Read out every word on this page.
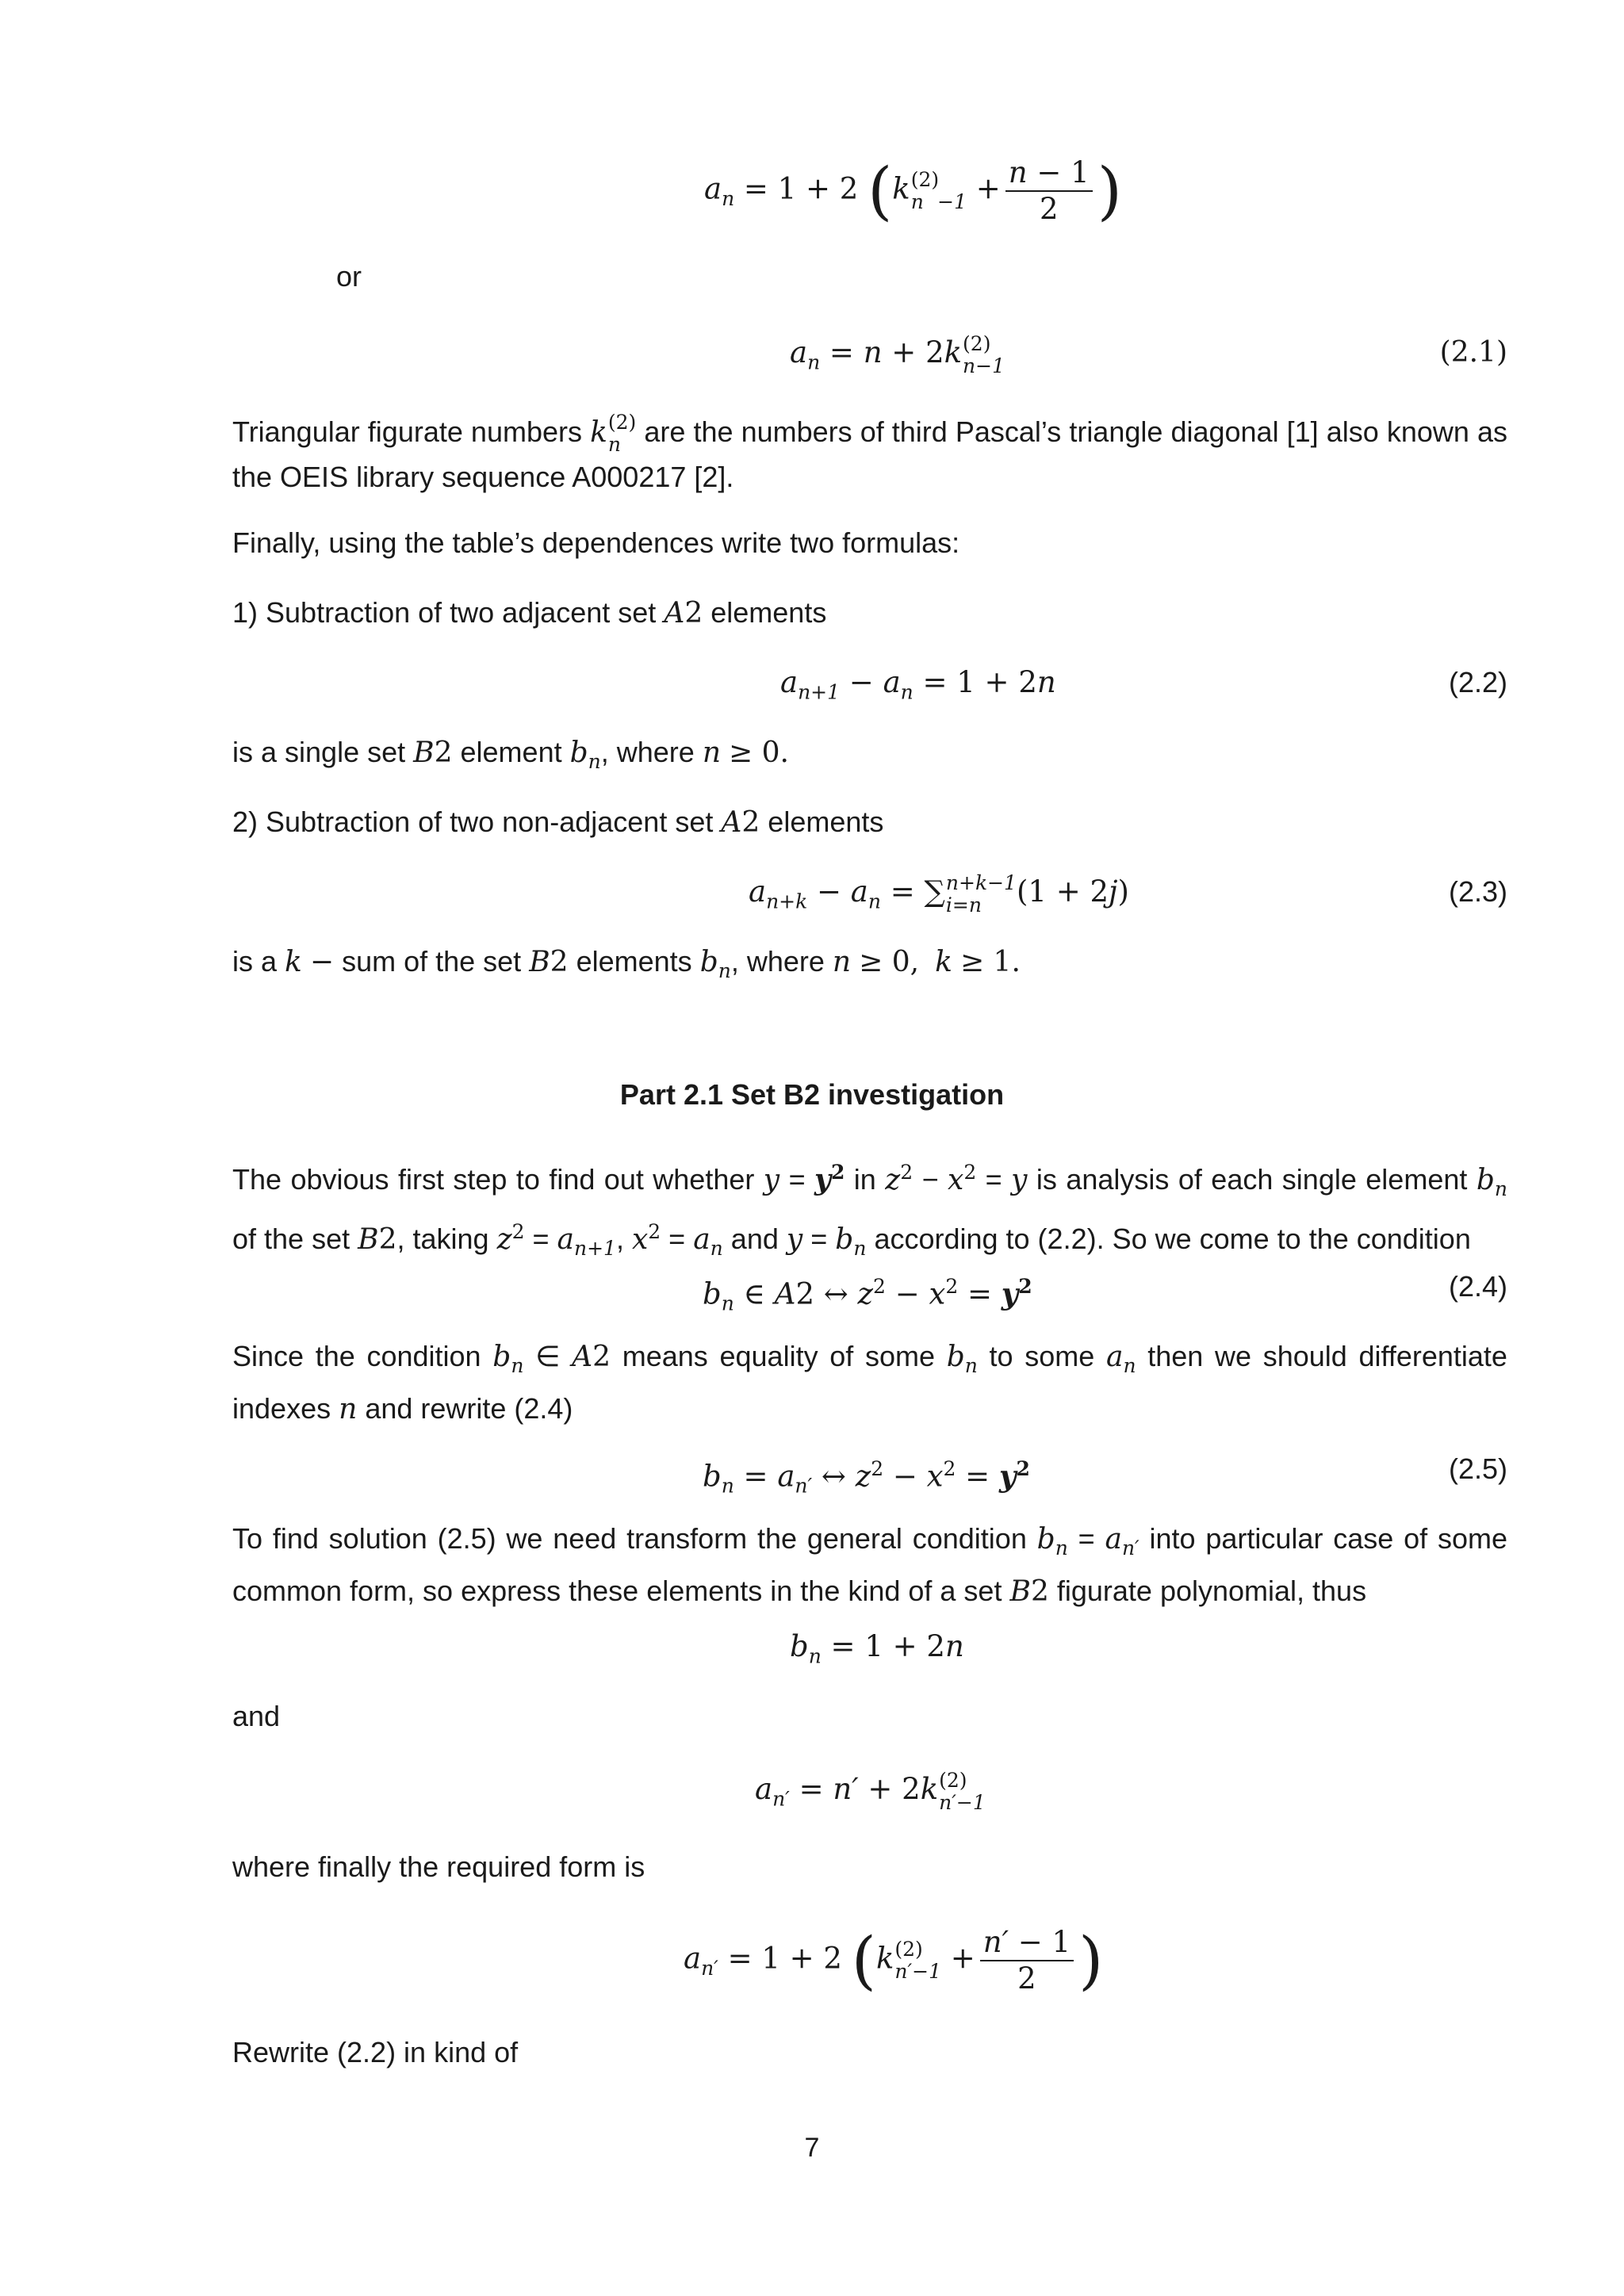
$a_n = 1 + 2$ (k (2)
n
$-1 + \frac{n - 1}{2}$ )
or
$a_n = n + 2k$ (2)
n−1	(2.1)
Triangular figurate numbers k (2)
n are the numbers of third Pascal’s triangle diagonal [1] also known as the OEIS library sequence A000217 [2].
Finally, using the table’s dependences write two formulas:
1) Subtraction of two adjacent set A2 elements
$a_{n+1} - a_n = 1 + 2n$	(2.2)
is a single set B2 element $b_n$, where n ≥ 0.
2) Subtraction of two non-adjacent set A2 elements
$a_{n+k} - a_n$ = ∑ n+k−1
i=n	(1 + 2j)	(2.3)
is a k − sum of the set B2 elements $b_n$, where n ≥ 0, k ≥ 1.
Part 2.1 Set B2 investigation
The obvious first step to find out whether $y = y^2$ in $z^2 - x^2 = y$ is analysis of each single element $b_n$ of the set B2, taking $z^2 = a_{n+1}$, $x^2 = a_n$ and $y = b_n$ according to (2.2). So we come to the condition
$b_n$ ∈ A2 ↔ $z^2 - x^2 = y^2$	(2.4)
Since the condition $b_n$ ∈ A2 means equality of some $b_n$ to some $a_n$ then we should differentiate indexes n and rewrite (2.4)
$b_n = a_{n'}$ ↔ $z^2 - x^2 = y^2$	(2.5)
To find solution (2.5) we need transform the general condition $b_n = a_{n'}$ into particular case of some common form, so express these elements in the kind of a set B2 figurate polynomial, thus
$b_n = 1 + 2n$
and
$a_{n'} = n' + 2k$ (2)
n′−1
where finally the required form is
$a_{n'} = 1 + 2$ (k (2)
$n'-1 + \frac{n' - 1}{2}$ )
Rewrite (2.2) in kind of
7
